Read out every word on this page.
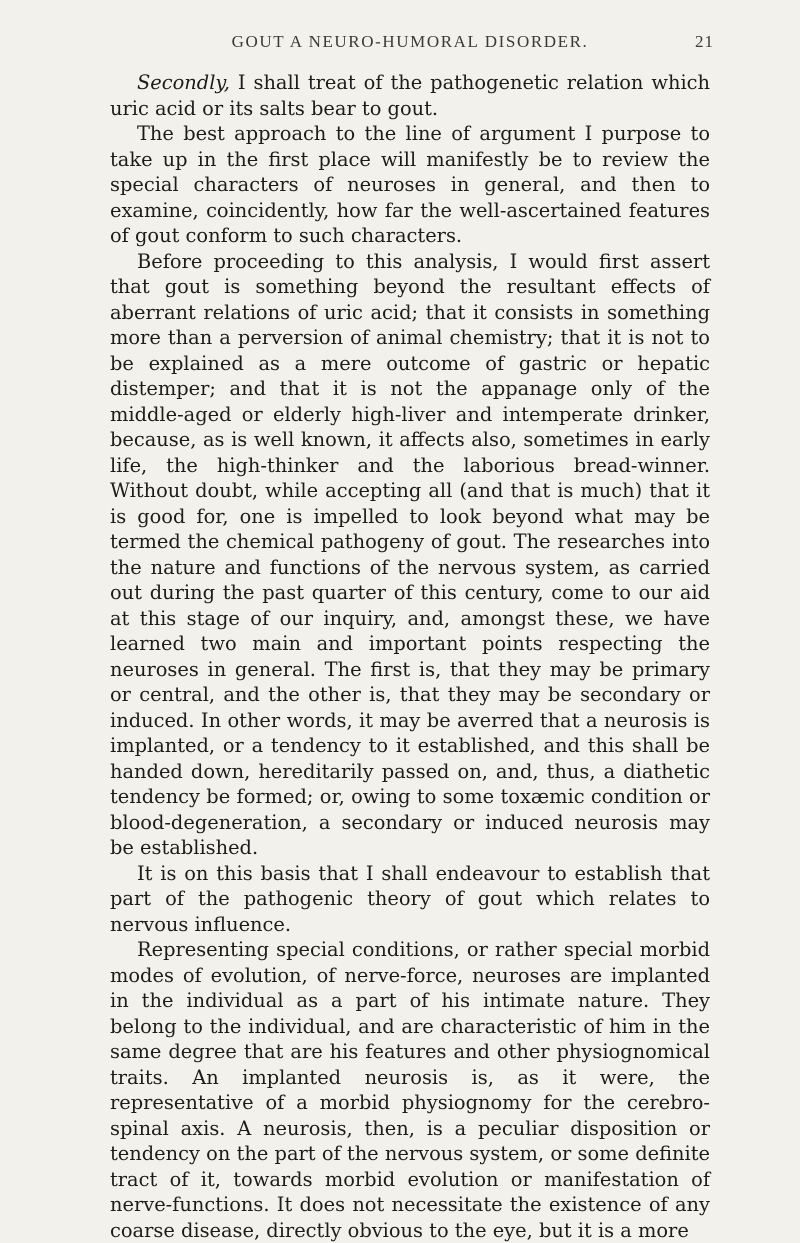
GOUT A NEURO-HUMORAL DISORDER.	21

Secondly, I shall treat of the pathogenetic relation which uric acid or its salts bear to gout.

The best approach to the line of argument I purpose to take up in the first place will manifestly be to review the special characters of neuroses in general, and then to examine, coincidently, how far the well-ascertained features of gout conform to such characters.

Before proceeding to this analysis, I would first assert that gout is something beyond the resultant effects of aberrant relations of uric acid; that it consists in something more than a perversion of animal chemistry; that it is not to be explained as a mere outcome of gastric or hepatic distemper; and that it is not the appanage only of the middle-aged or elderly high-liver and intemperate drinker, because, as is well known, it affects also, sometimes in early life, the high-thinker and the laborious bread-winner. Without doubt, while accepting all (and that is much) that it is good for, one is impelled to look beyond what may be termed the chemical pathogeny of gout. The researches into the nature and functions of the nervous system, as carried out during the past quarter of this century, come to our aid at this stage of our inquiry, and, amongst these, we have learned two main and important points respecting the neuroses in general. The first is, that they may be primary or central, and the other is, that they may be secondary or induced. In other words, it may be averred that a neurosis is implanted, or a tendency to it established, and this shall be handed down, hereditarily passed on, and, thus, a diathetic tendency be formed; or, owing to some toxæmic condition or blood-degeneration, a secondary or induced neurosis may be established.

It is on this basis that I shall endeavour to establish that part of the pathogenic theory of gout which relates to nervous influence.

Representing special conditions, or rather special morbid modes of evolution, of nerve-force, neuroses are implanted in the individual as a part of his intimate nature. They belong to the individual, and are characteristic of him in the same degree that are his features and other physiognomical traits. An implanted neurosis is, as it were, the representative of a morbid physiognomy for the cerebro-spinal axis. A neurosis, then, is a peculiar disposition or tendency on the part of the nervous system, or some definite tract of it, towards morbid evolution or manifestation of nerve-functions. It does not necessitate the existence of any coarse disease, directly obvious to the eye, but it is a more
